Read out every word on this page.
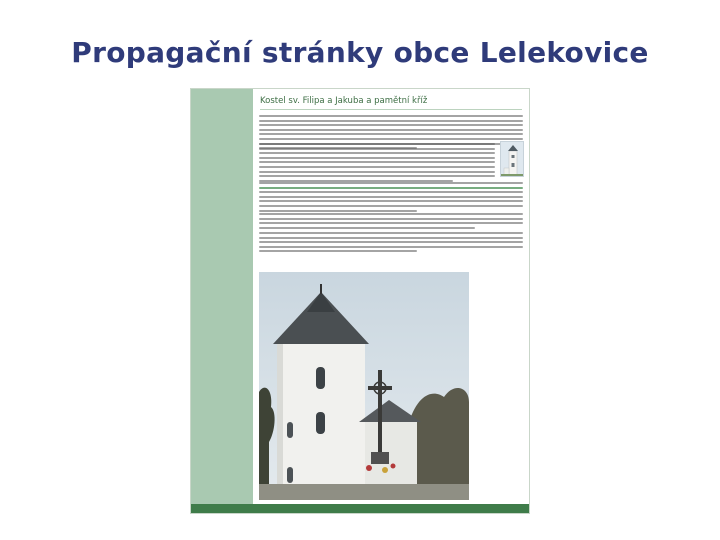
Propagační stránky obce Lelekovice
Kostel sv. Filipa a Jakuba a pamětní kříž
